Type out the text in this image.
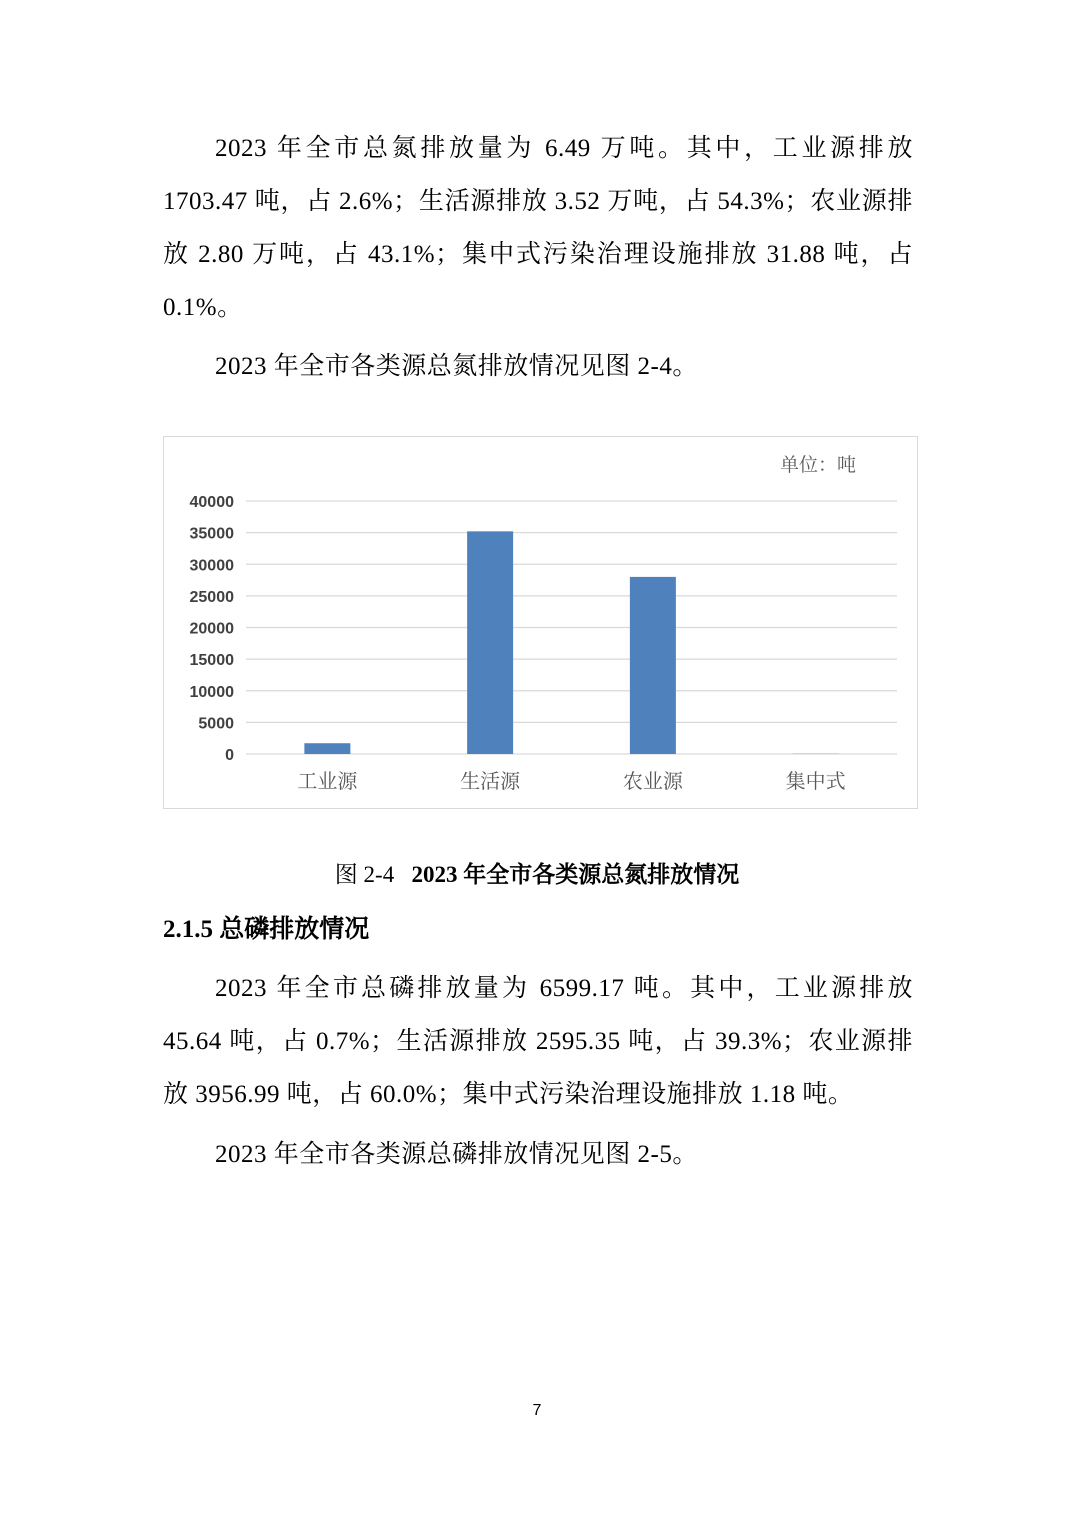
2023 年全市总氮排放量为 6.49 万吨。其中，工业源排放 1703.47 吨，占 2.6%；生活源排放 3.52 万吨，占 54.3%；农业源排放 2.80 万吨，占 43.1%；集中式污染治理设施排放 31.88 吨，占 0.1%。
2023 年全市各类源总氮排放情况见图 2-4。
0
5000
10000
15000
20000
25000
30000
35000
40000
工业源	生活源	农业源	集中式
单位：吨
图 2-4 2023 年全市各类源总氮排放情况
2.1.5 总磷排放情况
2023 年全市总磷排放量为 6599.17 吨。其中，工业源排放 45.64 吨，占 0.7%；生活源排放 2595.35 吨，占 39.3%；农业源排放 3956.99 吨，占 60.0%；集中式污染治理设施排放 1.18 吨。
2023 年全市各类源总磷排放情况见图 2-5。
7
